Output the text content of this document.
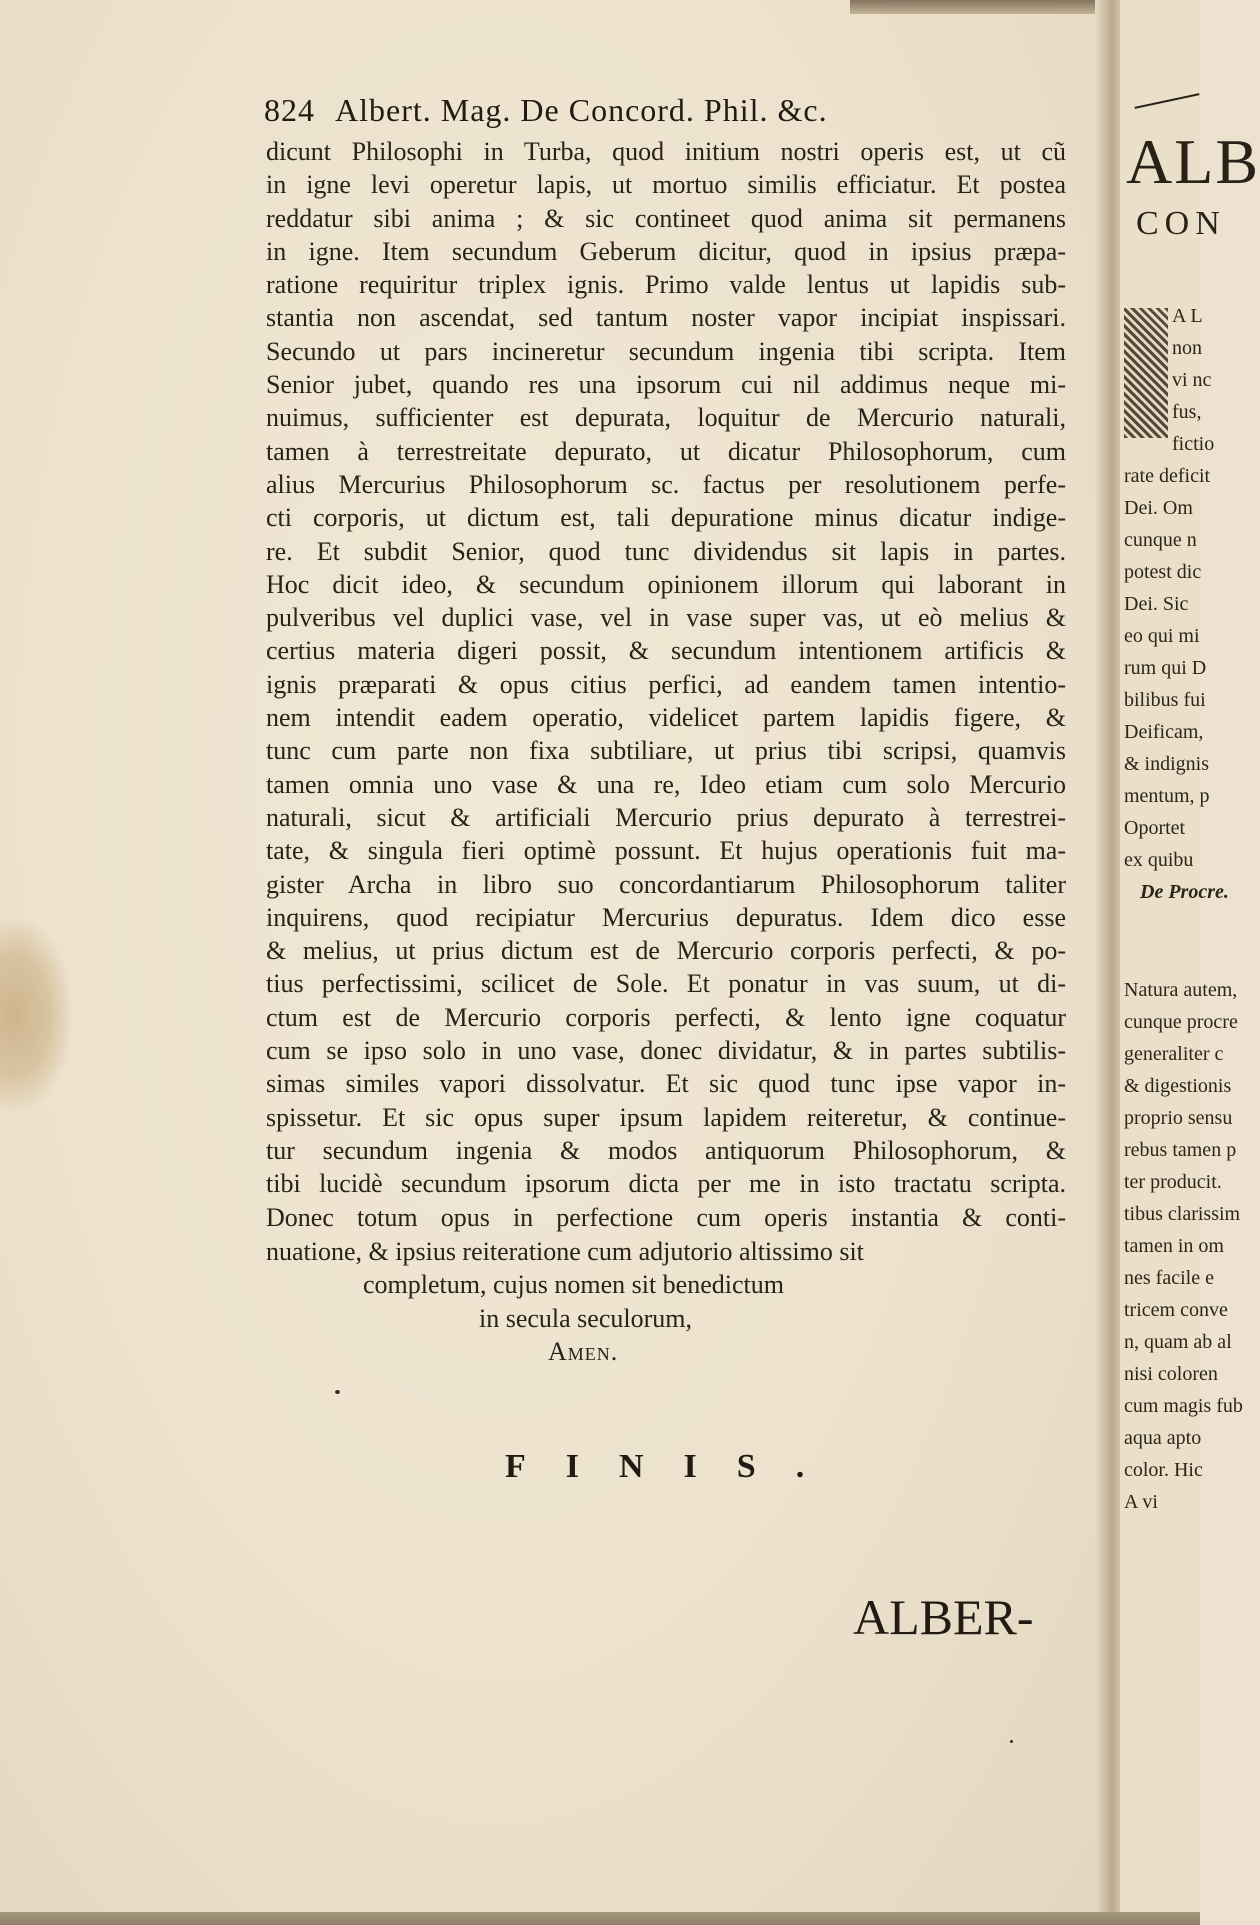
ALB
CON
A L
non
vi nc
fus,
fictio
rate deficit
Dei. Om
cunque n
potest dic
Dei. Sic
eo qui mi
rum qui D
bilibus fui
Deificam,
& indignis
mentum, p
Oportet
ex quibu
De Procre.
Natura autem,
cunque procre
generaliter c
& digestionis
proprio sensu
rebus tamen p
ter producit.
tibus clarissim
tamen in om
nes facile e
tricem conve
n, quam ab al
nisi coloren
cum magis fub
aqua apto
color. Hic
A vi
824 Albert. Mag. De Concord. Phil. &c.
dicunt Philosophi in Turba, quod initium nostri operis est, ut cũ
in igne levi operetur lapis, ut mortuo similis efficiatur. Et postea
reddatur sibi anima ; & sic contineet quod anima sit permanens
in igne. Item secundum Geberum dicitur, quod in ipsius præpa-
ratione requiritur triplex ignis. Primo valde lentus ut lapidis sub-
stantia non ascendat, sed tantum noster vapor incipiat inspissari.
Secundo ut pars incineretur secundum ingenia tibi scripta. Item
Senior jubet, quando res una ipsorum cui nil addimus neque mi-
nuimus, sufficienter est depurata, loquitur de Mercurio naturali,
tamen à terrestreitate depurato, ut dicatur Philosophorum, cum
alius Mercurius Philosophorum sc. factus per resolutionem perfe-
cti corporis, ut dictum est, tali depuratione minus dicatur indige-
re. Et subdit Senior, quod tunc dividendus sit lapis in partes.
Hoc dicit ideo, & secundum opinionem illorum qui laborant in
pulveribus vel duplici vase, vel in vase super vas, ut eò melius &
certius materia digeri possit, & secundum intentionem artificis &
ignis præparati & opus citius perfici, ad eandem tamen intentio-
nem intendit eadem operatio, videlicet partem lapidis figere, &
tunc cum parte non fixa subtiliare, ut prius tibi scripsi, quamvis
tamen omnia uno vase & una re, Ideo etiam cum solo Mercurio
naturali, sicut & artificiali Mercurio prius depurato à terrestrei-
tate, & singula fieri optimè possunt. Et hujus operationis fuit ma-
gister Archa in libro suo concordantiarum Philosophorum taliter
inquirens, quod recipiatur Mercurius depuratus. Idem dico esse
& melius, ut prius dictum est de Mercurio corporis perfecti, & po-
tius perfectissimi, scilicet de Sole. Et ponatur in vas suum, ut di-
ctum est de Mercurio corporis perfecti, & lento igne coquatur
cum se ipso solo in uno vase, donec dividatur, & in partes subtilis-
simas similes vapori dissolvatur. Et sic quod tunc ipse vapor in-
spissetur. Et sic opus super ipsum lapidem reiteretur, & continue-
tur secundum ingenia & modos antiquorum Philosophorum, &
tibi lucidè secundum ipsorum dicta per me in isto tractatu scripta.
Donec totum opus in perfectione cum operis instantia & conti-
nuatione, & ipsius reiteratione cum adjutorio altissimo sit
completum, cujus nomen sit benedictum
in secula seculorum,
Amen.
FINIS.
ALBER-
